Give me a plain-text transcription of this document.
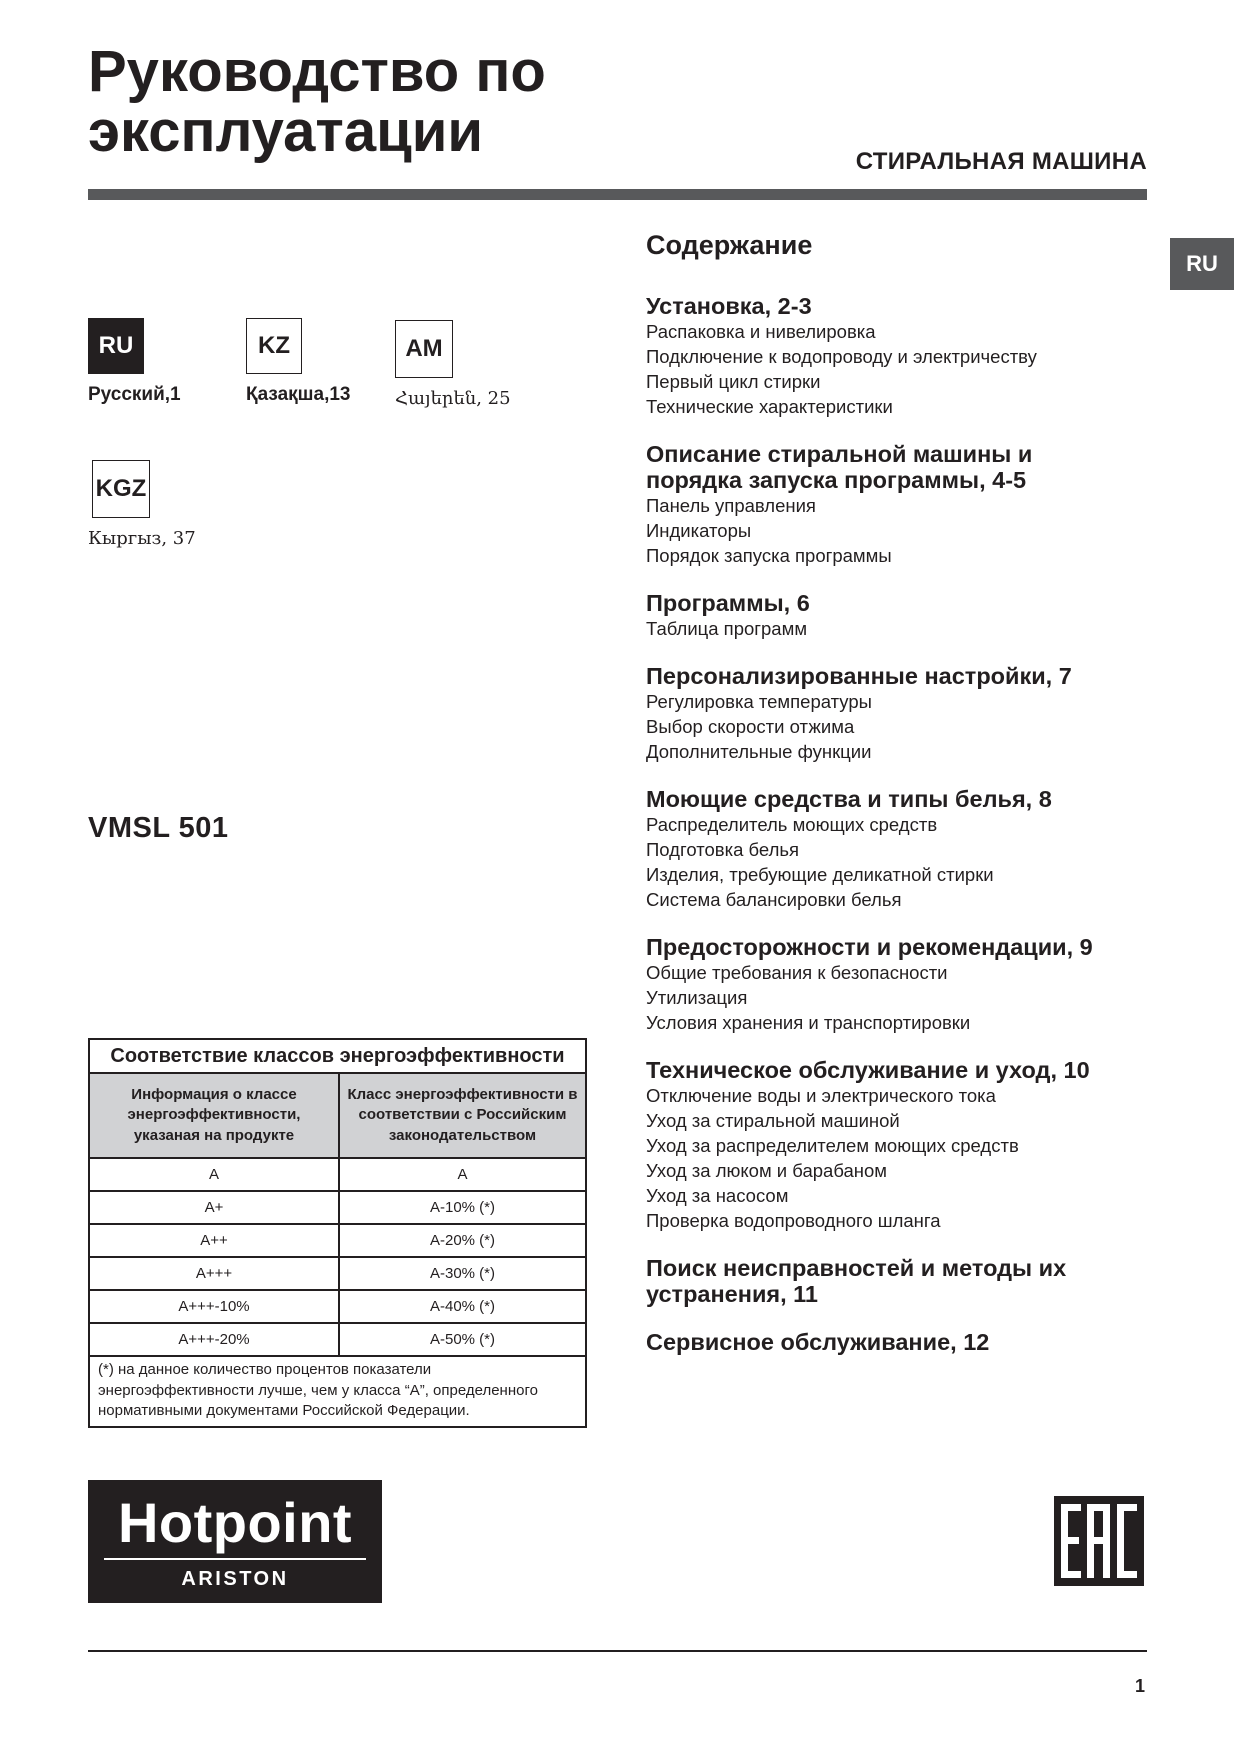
Руководство по
эксплуатации	СТИРАЛЬНАЯ МАШИНА
RU
RU
Русский,1
KZ
Қазақша,13
AM
Հայերեն, 25
KGZ
Кыргыз, 37
VMSL 501
Содержание
Установка, 2-3
Распаковка и нивелировка
Подключение к водопроводу и электричеству
Первый цикл стирки
Технические характеристики
Описание стиральной машины и
порядка запуска программы, 4-5
Панель управления
Индикаторы
Порядок запуска программы
Программы, 6
Таблица программ
Персонализированные настройки, 7
Регулировка температуры
Выбор скорости отжима
Дополнительные функции
Моющие средства и типы белья, 8
Распределитель моющих средств
Подготовка белья
Изделия, требующие деликатной стирки
Система балансировки белья
Предосторожности и рекомендации, 9
Общие требования к безопасности
Утилизация
Условия хранения и транспортировки
Техническое обслуживание и уход, 10
Отключение воды и электрического тока
Уход за стиральной машиной
Уход за распределителем моющих средств
Уход за люком и барабаном
Уход за насосом
Проверка водопроводного шланга
Поиск неисправностей и методы их
устранения, 11
Сервисное обслуживание, 12
Соответствие классов энергоэффективности
Информация о классе энергоэффективности, указаная на продукте	Класс энергоэффективности в соответствии с Российским законодательством
A	A
A+	A-10% (*)
A++	A-20% (*)
A+++	A-30% (*)
A+++-10%	A-40% (*)
A+++-20%	A-50% (*)
(*) на данное количество процентов показатели энергоэффективности лучше, чем у класса “A”, определенного нормативными документами Российской Федерации.
Hotpoint
ARISTON
1
